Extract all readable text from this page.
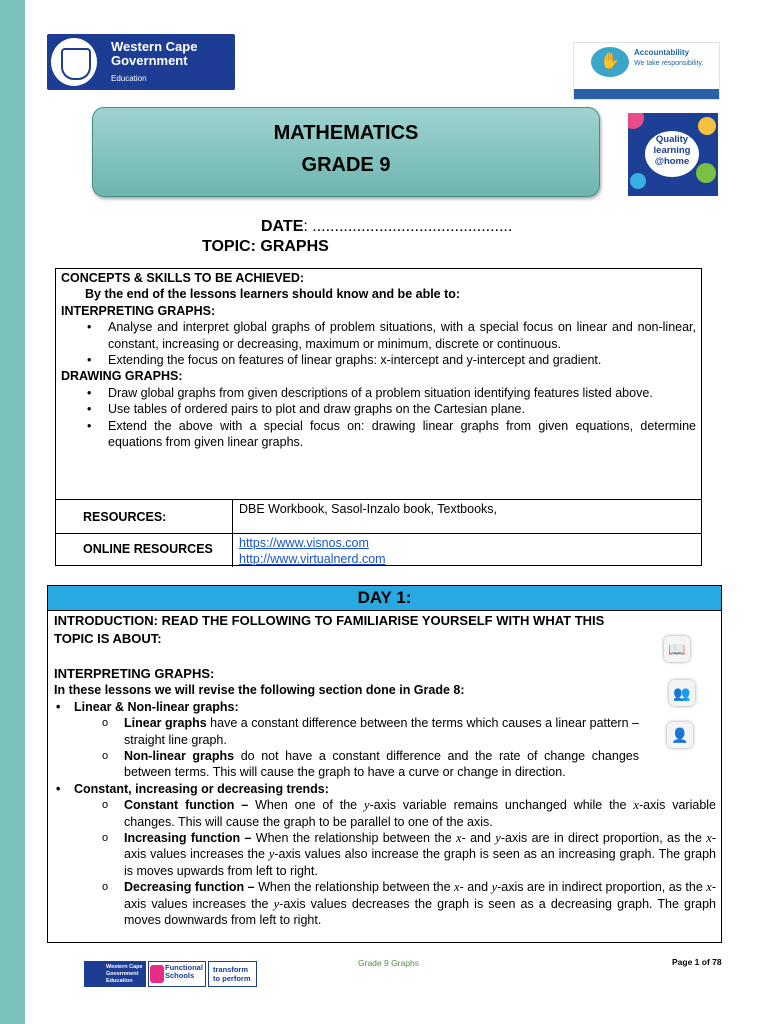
Western Cape
Government
Education
✋
Accountability
We take responsibility.
MATHEMATICS
GRADE 9
Quality
learning
@home
DATE: .............................................
TOPIC: GRAPHS
CONCEPTS & SKILLS TO BE ACHIEVED:
By the end of the lessons learners should know and be able to:
INTERPRETING GRAPHS:
• Analyse and interpret global graphs of problem situations, with a special focus on linear and non-linear, constant, increasing or decreasing, maximum or minimum, discrete or continuous.
• Extending the focus on features of linear graphs: x-intercept and y-intercept and gradient.
DRAWING GRAPHS:
• Draw global graphs from given descriptions of a problem situation identifying features listed above.
• Use tables of ordered pairs to plot and draw graphs on the Cartesian plane.
• Extend the above with a special focus on: drawing linear graphs from given equations, determine equations from given linear graphs.
RESOURCES:
DBE Workbook, Sasol-Inzalo book, Textbooks,
ONLINE RESOURCES https://www.visnos.com
http://www.virtualnerd.com
DAY 1:
INTRODUCTION: READ THE FOLLOWING TO FAMILIARISE YOURSELF WITH WHAT THIS TOPIC IS ABOUT:
INTERPRETING GRAPHS:
In these lessons we will revise the following section done in Grade 8:
• Linear & Non-linear graphs:
o Linear graphs have a constant difference between the terms which causes a linear pattern – straight line graph.
o Non-linear graphs do not have a constant difference and the rate of change changes between terms. This will cause the graph to have a curve or change in direction.
• Constant, increasing or decreasing trends:
o Constant function – When one of the y-axis variable remains unchanged while the x-axis variable changes. This will cause the graph to be parallel to one of the axis.
o Increasing function – When the relationship between the x- and y-axis are in direct proportion, as the x-axis values increases the y-axis values also increase the graph is seen as an increasing graph. The graph is moves upwards from left to right.
o Decreasing function – When the relationship between the x- and y-axis are in indirect proportion, as the x-axis values increases the y-axis values decreases the graph is seen as a decreasing graph. The graph moves downwards from left to right.
📖
👥
👤
Western Cape Government Education
Functional Schools
transform to perform
Grade 9 Graphs	Page 1 of 78
